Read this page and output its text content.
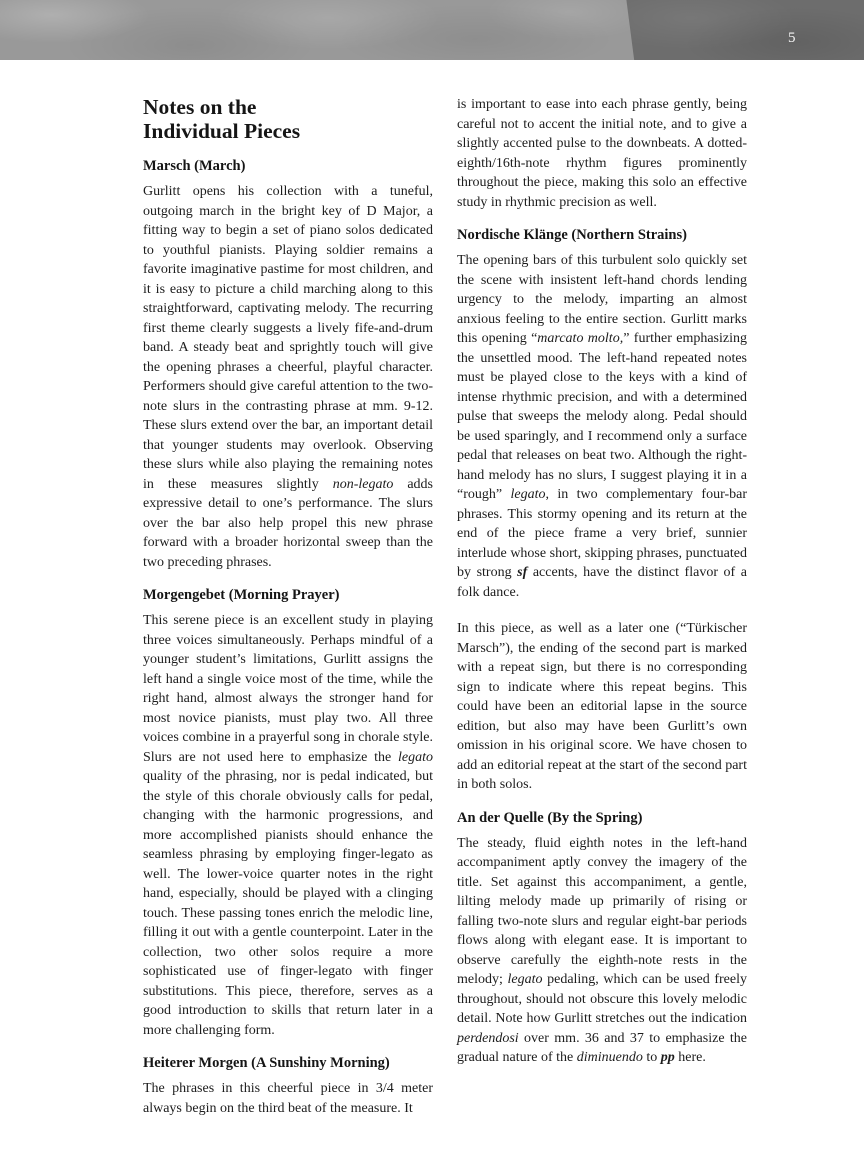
5
Notes on the
Individual Pieces
Marsch (March)

Gurlitt opens his collection with a tuneful, outgoing march in the bright key of D Major, a fitting way to begin a set of piano solos dedicated to youthful pianists. Playing soldier remains a favorite imaginative pastime for most children, and it is easy to picture a child marching along to this straightforward, captivating melody. The recurring first theme clearly suggests a lively fife-and-drum band. A steady beat and sprightly touch will give the opening phrases a cheerful, playful character. Performers should give careful attention to the two-note slurs in the contrasting phrase at mm. 9-12. These slurs extend over the bar, an important detail that younger students may overlook. Observing these slurs while also playing the remaining notes in these measures slightly non-legato adds expressive detail to one’s performance. The slurs over the bar also help propel this new phrase forward with a broader horizontal sweep than the two preceding phrases.

Morgengebet (Morning Prayer)

This serene piece is an excellent study in playing three voices simultaneously. Perhaps mindful of a younger student’s limitations, Gurlitt assigns the left hand a single voice most of the time, while the right hand, almost always the stronger hand for most novice pianists, must play two. All three voices combine in a prayerful song in chorale style. Slurs are not used here to emphasize the legato quality of the phrasing, nor is pedal indicated, but the style of this chorale obviously calls for pedal, changing with the harmonic progressions, and more accomplished pianists should enhance the seamless phrasing by employing finger-legato as well. The lower-voice quarter notes in the right hand, especially, should be played with a clinging touch. These passing tones enrich the melodic line, filling it out with a gentle counterpoint. Later in the collection, two other solos require a more sophisticated use of finger-legato with finger substitutions. This piece, therefore, serves as a good introduction to skills that return later in a more challenging form.

Heiterer Morgen (A Sunshiny Morning)

The phrases in this cheerful piece in 3/4 meter always begin on the third beat of the measure. It

is important to ease into each phrase gently, being careful not to accent the initial note, and to give a slightly accented pulse to the downbeats. A dotted-eighth/16th-note rhythm figures prominently throughout the piece, making this solo an effective study in rhythmic precision as well.

Nordische Klänge (Northern Strains)

The opening bars of this turbulent solo quickly set the scene with insistent left-hand chords lending urgency to the melody, imparting an almost anxious feeling to the entire section. Gurlitt marks this opening “marcato molto,” further emphasizing the unsettled mood. The left-hand repeated notes must be played close to the keys with a kind of intense rhythmic precision, and with a determined pulse that sweeps the melody along. Pedal should be used sparingly, and I recommend only a surface pedal that releases on beat two. Although the right-hand melody has no slurs, I suggest playing it in a “rough” legato, in two complementary four-bar phrases. This stormy opening and its return at the end of the piece frame a very brief, sunnier interlude whose short, skipping phrases, punctuated by strong sf accents, have the distinct flavor of a folk dance.

In this piece, as well as a later one (“Türkischer Marsch”), the ending of the second part is marked with a repeat sign, but there is no corresponding sign to indicate where this repeat begins. This could have been an editorial lapse in the source edition, but also may have been Gurlitt’s own omission in his original score. We have chosen to add an editorial repeat at the start of the second part in both solos.

An der Quelle (By the Spring)

The steady, fluid eighth notes in the left-hand accompaniment aptly convey the imagery of the title. Set against this accompaniment, a gentle, lilting melody made up primarily of rising or falling two-note slurs and regular eight-bar periods flows along with elegant ease. It is important to observe carefully the eighth-note rests in the melody; legato pedaling, which can be used freely throughout, should not obscure this lovely melodic detail. Note how Gurlitt stretches out the indication perdendosi over mm. 36 and 37 to emphasize the gradual nature of the diminuendo to pp here.
